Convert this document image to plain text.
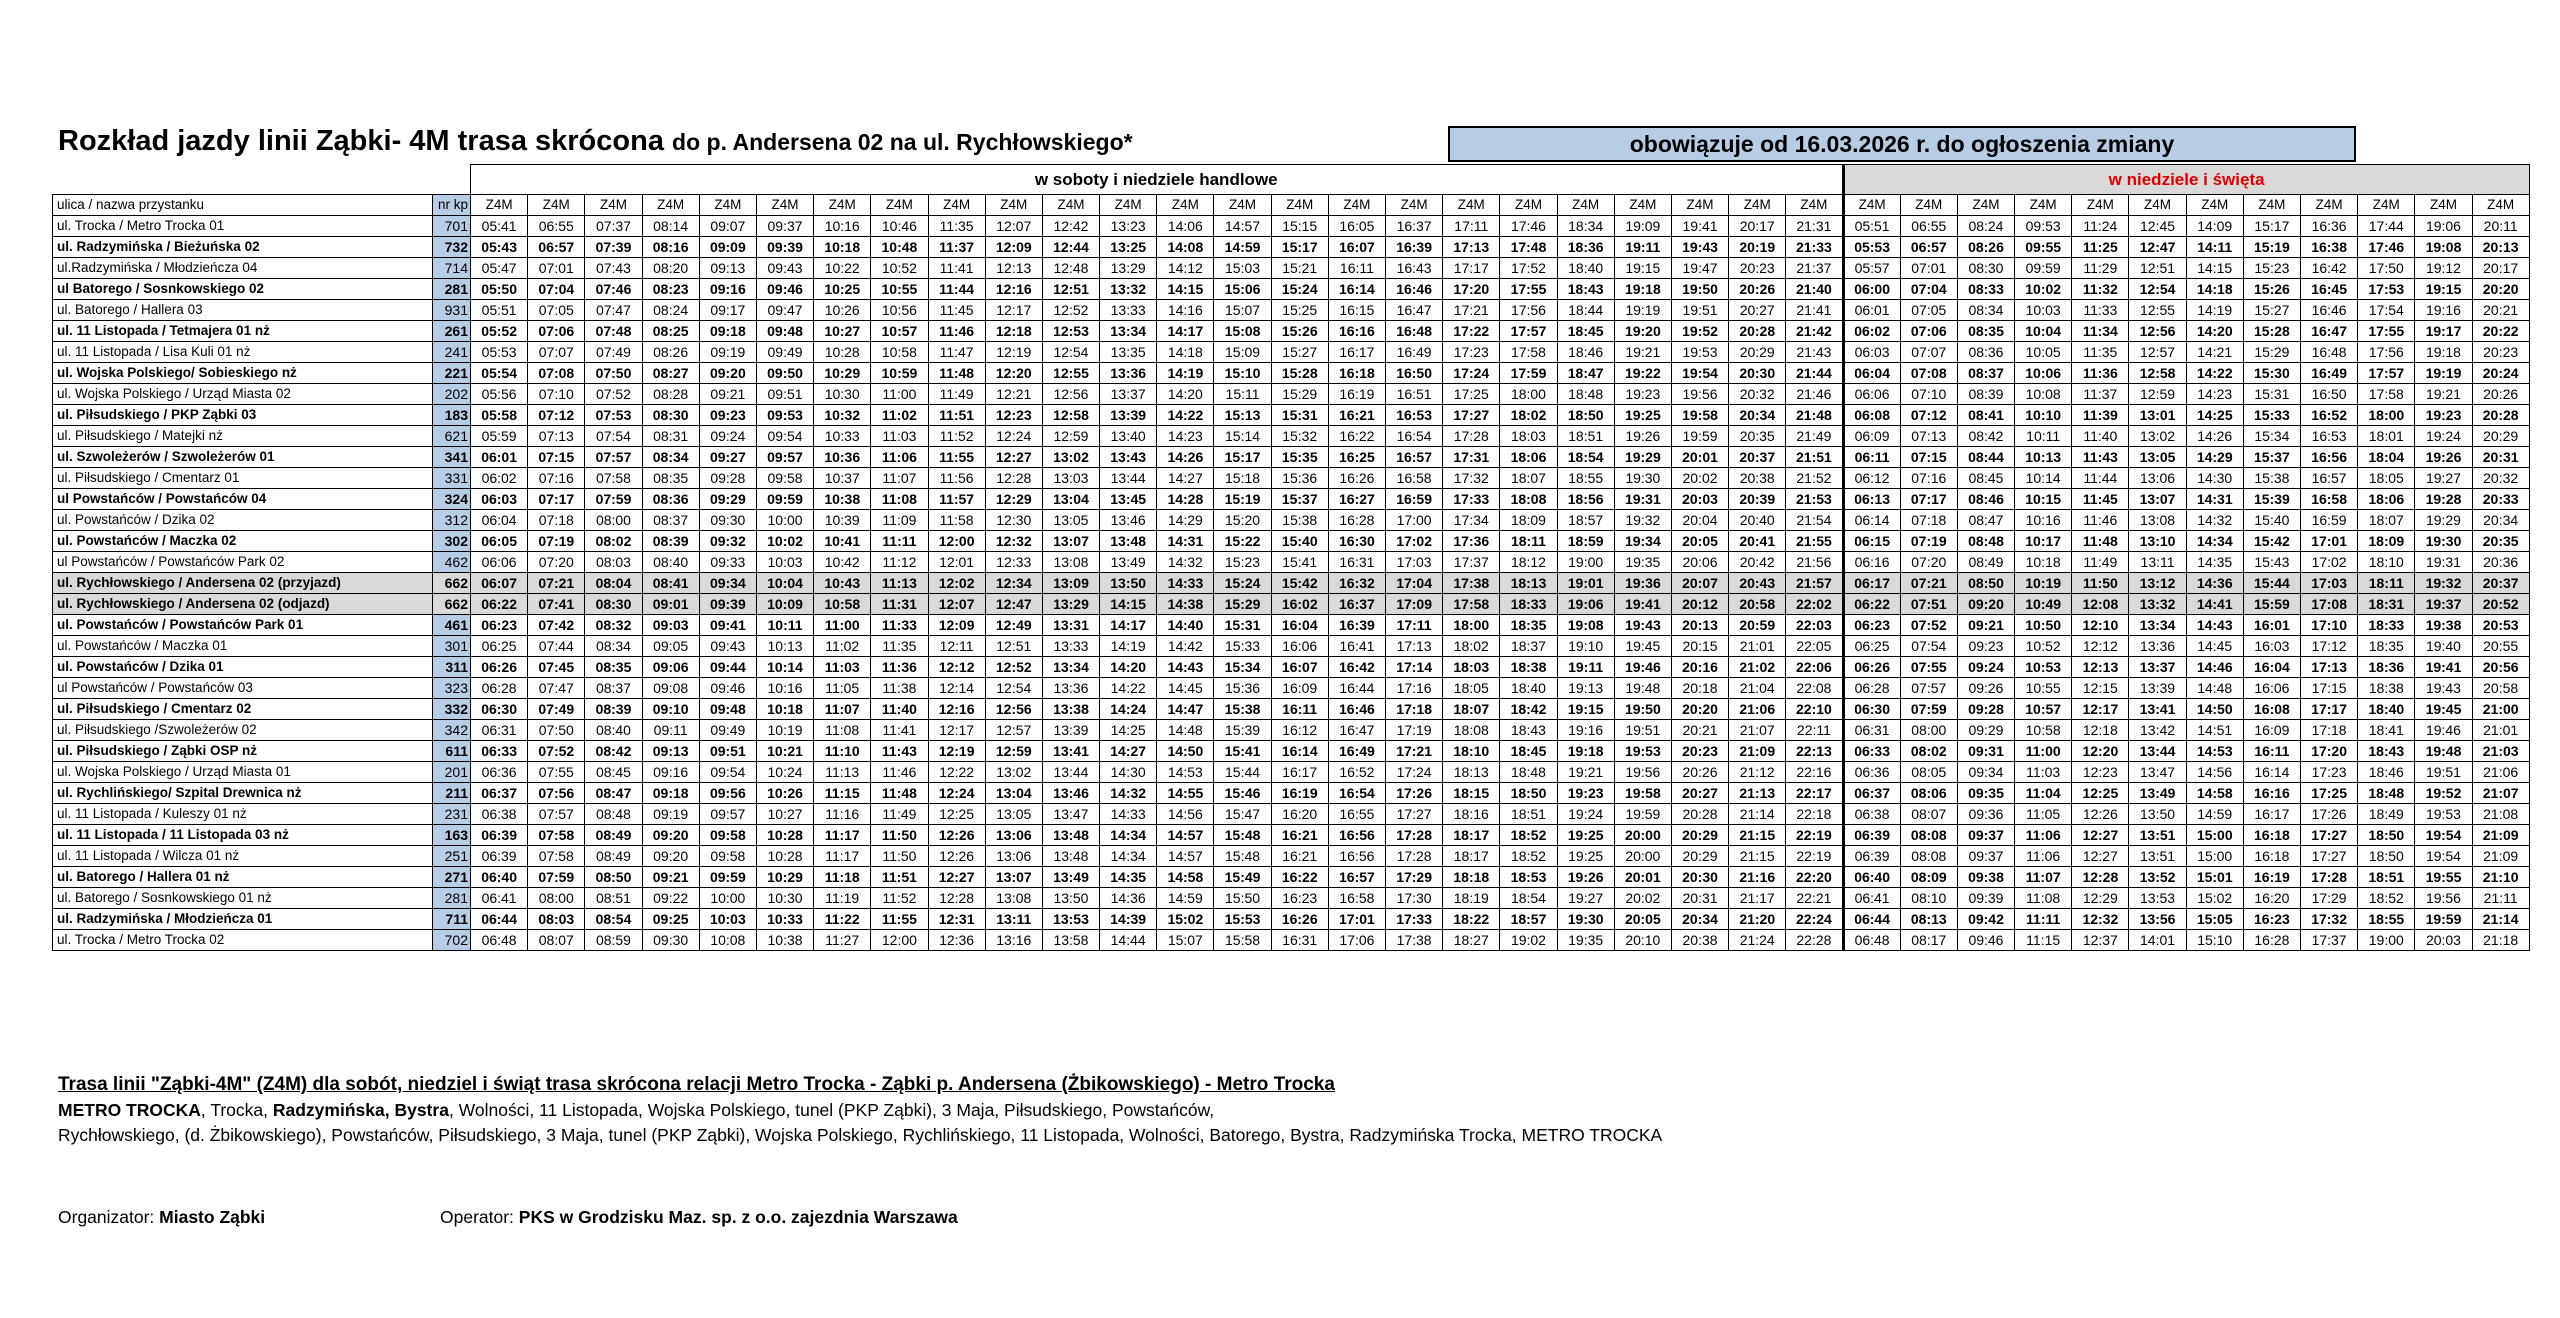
Rozkład jazdy linii Ząbki- 4M trasa skrócona do p. Andersena 02 na ul. Rychłowskiego*	obowiązuje od 16.03.2026 r. do ogłoszenia zmiany
		w soboty i niedziele handlowe																								w niedziele i święta											
ulica / nazwa przystanku	nr kp	Z4M	Z4M	Z4M	Z4M	Z4M	Z4M	Z4M	Z4M	Z4M	Z4M	Z4M	Z4M	Z4M	Z4M	Z4M	Z4M	Z4M	Z4M	Z4M	Z4M	Z4M	Z4M	Z4M	Z4M	Z4M	Z4M	Z4M	Z4M	Z4M	Z4M	Z4M	Z4M	Z4M	Z4M	Z4M	Z4M
ul. Trocka / Metro Trocka 01	701	05:41	06:55	07:37	08:14	09:07	09:37	10:16	10:46	11:35	12:07	12:42	13:23	14:06	14:57	15:15	16:05	16:37	17:11	17:46	18:34	19:09	19:41	20:17	21:31	05:51	06:55	08:24	09:53	11:24	12:45	14:09	15:17	16:36	17:44	19:06	20:11
ul. Radzymińska / Bieżuńska 02	732	05:43	06:57	07:39	08:16	09:09	09:39	10:18	10:48	11:37	12:09	12:44	13:25	14:08	14:59	15:17	16:07	16:39	17:13	17:48	18:36	19:11	19:43	20:19	21:33	05:53	06:57	08:26	09:55	11:25	12:47	14:11	15:19	16:38	17:46	19:08	20:13
ul.Radzymińska / Młodzieńcza 04	714	05:47	07:01	07:43	08:20	09:13	09:43	10:22	10:52	11:41	12:13	12:48	13:29	14:12	15:03	15:21	16:11	16:43	17:17	17:52	18:40	19:15	19:47	20:23	21:37	05:57	07:01	08:30	09:59	11:29	12:51	14:15	15:23	16:42	17:50	19:12	20:17
ul Batorego / Sosnkowskiego 02	281	05:50	07:04	07:46	08:23	09:16	09:46	10:25	10:55	11:44	12:16	12:51	13:32	14:15	15:06	15:24	16:14	16:46	17:20	17:55	18:43	19:18	19:50	20:26	21:40	06:00	07:04	08:33	10:02	11:32	12:54	14:18	15:26	16:45	17:53	19:15	20:20
ul. Batorego / Hallera 03	931	05:51	07:05	07:47	08:24	09:17	09:47	10:26	10:56	11:45	12:17	12:52	13:33	14:16	15:07	15:25	16:15	16:47	17:21	17:56	18:44	19:19	19:51	20:27	21:41	06:01	07:05	08:34	10:03	11:33	12:55	14:19	15:27	16:46	17:54	19:16	20:21
ul. 11 Listopada / Tetmajera 01 nż	261	05:52	07:06	07:48	08:25	09:18	09:48	10:27	10:57	11:46	12:18	12:53	13:34	14:17	15:08	15:26	16:16	16:48	17:22	17:57	18:45	19:20	19:52	20:28	21:42	06:02	07:06	08:35	10:04	11:34	12:56	14:20	15:28	16:47	17:55	19:17	20:22
ul. 11 Listopada / Lisa Kuli 01 nż	241	05:53	07:07	07:49	08:26	09:19	09:49	10:28	10:58	11:47	12:19	12:54	13:35	14:18	15:09	15:27	16:17	16:49	17:23	17:58	18:46	19:21	19:53	20:29	21:43	06:03	07:07	08:36	10:05	11:35	12:57	14:21	15:29	16:48	17:56	19:18	20:23
ul. Wojska Polskiego/ Sobieskiego nż	221	05:54	07:08	07:50	08:27	09:20	09:50	10:29	10:59	11:48	12:20	12:55	13:36	14:19	15:10	15:28	16:18	16:50	17:24	17:59	18:47	19:22	19:54	20:30	21:44	06:04	07:08	08:37	10:06	11:36	12:58	14:22	15:30	16:49	17:57	19:19	20:24
ul. Wojska Polskiego / Urząd Miasta 02	202	05:56	07:10	07:52	08:28	09:21	09:51	10:30	11:00	11:49	12:21	12:56	13:37	14:20	15:11	15:29	16:19	16:51	17:25	18:00	18:48	19:23	19:56	20:32	21:46	06:06	07:10	08:39	10:08	11:37	12:59	14:23	15:31	16:50	17:58	19:21	20:26
ul. Piłsudskiego / PKP Ząbki 03	183	05:58	07:12	07:53	08:30	09:23	09:53	10:32	11:02	11:51	12:23	12:58	13:39	14:22	15:13	15:31	16:21	16:53	17:27	18:02	18:50	19:25	19:58	20:34	21:48	06:08	07:12	08:41	10:10	11:39	13:01	14:25	15:33	16:52	18:00	19:23	20:28
ul. Piłsudskiego / Matejki nż	621	05:59	07:13	07:54	08:31	09:24	09:54	10:33	11:03	11:52	12:24	12:59	13:40	14:23	15:14	15:32	16:22	16:54	17:28	18:03	18:51	19:26	19:59	20:35	21:49	06:09	07:13	08:42	10:11	11:40	13:02	14:26	15:34	16:53	18:01	19:24	20:29
ul. Szwoleżerów / Szwoleżerów 01	341	06:01	07:15	07:57	08:34	09:27	09:57	10:36	11:06	11:55	12:27	13:02	13:43	14:26	15:17	15:35	16:25	16:57	17:31	18:06	18:54	19:29	20:01	20:37	21:51	06:11	07:15	08:44	10:13	11:43	13:05	14:29	15:37	16:56	18:04	19:26	20:31
ul. Piłsudskiego / Cmentarz 01	331	06:02	07:16	07:58	08:35	09:28	09:58	10:37	11:07	11:56	12:28	13:03	13:44	14:27	15:18	15:36	16:26	16:58	17:32	18:07	18:55	19:30	20:02	20:38	21:52	06:12	07:16	08:45	10:14	11:44	13:06	14:30	15:38	16:57	18:05	19:27	20:32
ul Powstańców / Powstańców 04	324	06:03	07:17	07:59	08:36	09:29	09:59	10:38	11:08	11:57	12:29	13:04	13:45	14:28	15:19	15:37	16:27	16:59	17:33	18:08	18:56	19:31	20:03	20:39	21:53	06:13	07:17	08:46	10:15	11:45	13:07	14:31	15:39	16:58	18:06	19:28	20:33
ul. Powstańców / Dzika 02	312	06:04	07:18	08:00	08:37	09:30	10:00	10:39	11:09	11:58	12:30	13:05	13:46	14:29	15:20	15:38	16:28	17:00	17:34	18:09	18:57	19:32	20:04	20:40	21:54	06:14	07:18	08:47	10:16	11:46	13:08	14:32	15:40	16:59	18:07	19:29	20:34
ul. Powstańców / Maczka 02	302	06:05	07:19	08:02	08:39	09:32	10:02	10:41	11:11	12:00	12:32	13:07	13:48	14:31	15:22	15:40	16:30	17:02	17:36	18:11	18:59	19:34	20:05	20:41	21:55	06:15	07:19	08:48	10:17	11:48	13:10	14:34	15:42	17:01	18:09	19:30	20:35
ul Powstańców / Powstańców Park 02	462	06:06	07:20	08:03	08:40	09:33	10:03	10:42	11:12	12:01	12:33	13:08	13:49	14:32	15:23	15:41	16:31	17:03	17:37	18:12	19:00	19:35	20:06	20:42	21:56	06:16	07:20	08:49	10:18	11:49	13:11	14:35	15:43	17:02	18:10	19:31	20:36
ul. Rychłowskiego / Andersena 02 (przyjazd)	662	06:07	07:21	08:04	08:41	09:34	10:04	10:43	11:13	12:02	12:34	13:09	13:50	14:33	15:24	15:42	16:32	17:04	17:38	18:13	19:01	19:36	20:07	20:43	21:57	06:17	07:21	08:50	10:19	11:50	13:12	14:36	15:44	17:03	18:11	19:32	20:37
ul. Rychłowskiego / Andersena 02 (odjazd)	662	06:22	07:41	08:30	09:01	09:39	10:09	10:58	11:31	12:07	12:47	13:29	14:15	14:38	15:29	16:02	16:37	17:09	17:58	18:33	19:06	19:41	20:12	20:58	22:02	06:22	07:51	09:20	10:49	12:08	13:32	14:41	15:59	17:08	18:31	19:37	20:52
ul. Powstańców / Powstańców Park 01	461	06:23	07:42	08:32	09:03	09:41	10:11	11:00	11:33	12:09	12:49	13:31	14:17	14:40	15:31	16:04	16:39	17:11	18:00	18:35	19:08	19:43	20:13	20:59	22:03	06:23	07:52	09:21	10:50	12:10	13:34	14:43	16:01	17:10	18:33	19:38	20:53
ul. Powstańców / Maczka 01	301	06:25	07:44	08:34	09:05	09:43	10:13	11:02	11:35	12:11	12:51	13:33	14:19	14:42	15:33	16:06	16:41	17:13	18:02	18:37	19:10	19:45	20:15	21:01	22:05	06:25	07:54	09:23	10:52	12:12	13:36	14:45	16:03	17:12	18:35	19:40	20:55
ul. Powstańców / Dzika 01	311	06:26	07:45	08:35	09:06	09:44	10:14	11:03	11:36	12:12	12:52	13:34	14:20	14:43	15:34	16:07	16:42	17:14	18:03	18:38	19:11	19:46	20:16	21:02	22:06	06:26	07:55	09:24	10:53	12:13	13:37	14:46	16:04	17:13	18:36	19:41	20:56
ul Powstańców / Powstańców 03	323	06:28	07:47	08:37	09:08	09:46	10:16	11:05	11:38	12:14	12:54	13:36	14:22	14:45	15:36	16:09	16:44	17:16	18:05	18:40	19:13	19:48	20:18	21:04	22:08	06:28	07:57	09:26	10:55	12:15	13:39	14:48	16:06	17:15	18:38	19:43	20:58
ul. Piłsudskiego / Cmentarz 02	332	06:30	07:49	08:39	09:10	09:48	10:18	11:07	11:40	12:16	12:56	13:38	14:24	14:47	15:38	16:11	16:46	17:18	18:07	18:42	19:15	19:50	20:20	21:06	22:10	06:30	07:59	09:28	10:57	12:17	13:41	14:50	16:08	17:17	18:40	19:45	21:00
ul. Piłsudskiego /Szwoleżerów 02	342	06:31	07:50	08:40	09:11	09:49	10:19	11:08	11:41	12:17	12:57	13:39	14:25	14:48	15:39	16:12	16:47	17:19	18:08	18:43	19:16	19:51	20:21	21:07	22:11	06:31	08:00	09:29	10:58	12:18	13:42	14:51	16:09	17:18	18:41	19:46	21:01
ul. Piłsudskiego / Ząbki OSP nż	611	06:33	07:52	08:42	09:13	09:51	10:21	11:10	11:43	12:19	12:59	13:41	14:27	14:50	15:41	16:14	16:49	17:21	18:10	18:45	19:18	19:53	20:23	21:09	22:13	06:33	08:02	09:31	11:00	12:20	13:44	14:53	16:11	17:20	18:43	19:48	21:03
ul. Wojska Polskiego / Urząd Miasta 01	201	06:36	07:55	08:45	09:16	09:54	10:24	11:13	11:46	12:22	13:02	13:44	14:30	14:53	15:44	16:17	16:52	17:24	18:13	18:48	19:21	19:56	20:26	21:12	22:16	06:36	08:05	09:34	11:03	12:23	13:47	14:56	16:14	17:23	18:46	19:51	21:06
ul. Rychlińskiego/ Szpital Drewnica nż	211	06:37	07:56	08:47	09:18	09:56	10:26	11:15	11:48	12:24	13:04	13:46	14:32	14:55	15:46	16:19	16:54	17:26	18:15	18:50	19:23	19:58	20:27	21:13	22:17	06:37	08:06	09:35	11:04	12:25	13:49	14:58	16:16	17:25	18:48	19:52	21:07
ul. 11 Listopada / Kuleszy 01 nż	231	06:38	07:57	08:48	09:19	09:57	10:27	11:16	11:49	12:25	13:05	13:47	14:33	14:56	15:47	16:20	16:55	17:27	18:16	18:51	19:24	19:59	20:28	21:14	22:18	06:38	08:07	09:36	11:05	12:26	13:50	14:59	16:17	17:26	18:49	19:53	21:08
ul. 11 Listopada / 11 Listopada 03 nż	163	06:39	07:58	08:49	09:20	09:58	10:28	11:17	11:50	12:26	13:06	13:48	14:34	14:57	15:48	16:21	16:56	17:28	18:17	18:52	19:25	20:00	20:29	21:15	22:19	06:39	08:08	09:37	11:06	12:27	13:51	15:00	16:18	17:27	18:50	19:54	21:09
ul. 11 Listopada / Wilcza 01 nż	251	06:39	07:58	08:49	09:20	09:58	10:28	11:17	11:50	12:26	13:06	13:48	14:34	14:57	15:48	16:21	16:56	17:28	18:17	18:52	19:25	20:00	20:29	21:15	22:19	06:39	08:08	09:37	11:06	12:27	13:51	15:00	16:18	17:27	18:50	19:54	21:09
ul. Batorego / Hallera 01 nż	271	06:40	07:59	08:50	09:21	09:59	10:29	11:18	11:51	12:27	13:07	13:49	14:35	14:58	15:49	16:22	16:57	17:29	18:18	18:53	19:26	20:01	20:30	21:16	22:20	06:40	08:09	09:38	11:07	12:28	13:52	15:01	16:19	17:28	18:51	19:55	21:10
ul. Batorego / Sosnkowskiego 01 nż	281	06:41	08:00	08:51	09:22	10:00	10:30	11:19	11:52	12:28	13:08	13:50	14:36	14:59	15:50	16:23	16:58	17:30	18:19	18:54	19:27	20:02	20:31	21:17	22:21	06:41	08:10	09:39	11:08	12:29	13:53	15:02	16:20	17:29	18:52	19:56	21:11
ul. Radzymińska / Młodzieńcza 01	711	06:44	08:03	08:54	09:25	10:03	10:33	11:22	11:55	12:31	13:11	13:53	14:39	15:02	15:53	16:26	17:01	17:33	18:22	18:57	19:30	20:05	20:34	21:20	22:24	06:44	08:13	09:42	11:11	12:32	13:56	15:05	16:23	17:32	18:55	19:59	21:14
ul. Trocka / Metro Trocka 02	702	06:48	08:07	08:59	09:30	10:08	10:38	11:27	12:00	12:36	13:16	13:58	14:44	15:07	15:58	16:31	17:06	17:38	18:27	19:02	19:35	20:10	20:38	21:24	22:28	06:48	08:17	09:46	11:15	12:37	14:01	15:10	16:28	17:37	19:00	20:03	21:18
Trasa linii "Ząbki-4M" (Z4M) dla sobót, niedziel i świąt trasa skrócona relacji Metro Trocka - Ząbki p. Andersena (Żbikowskiego) - Metro Trocka
METRO TROCKA, Trocka, Radzymińska, Bystra, Wolności, 11 Listopada, Wojska Polskiego, tunel (PKP Ząbki), 3 Maja, Piłsudskiego, Powstańców,
Rychłowskiego, (d. Żbikowskiego), Powstańców, Piłsudskiego, 3 Maja, tunel (PKP Ząbki), Wojska Polskiego, Rychlińskiego, 11 Listopada, Wolności, Batorego, Bystra, Radzymińska Trocka, METRO TROCKA
Organizator: Miasto Ząbki	Operator: PKS w Grodzisku Maz. sp. z o.o. zajezdnia Warszawa
